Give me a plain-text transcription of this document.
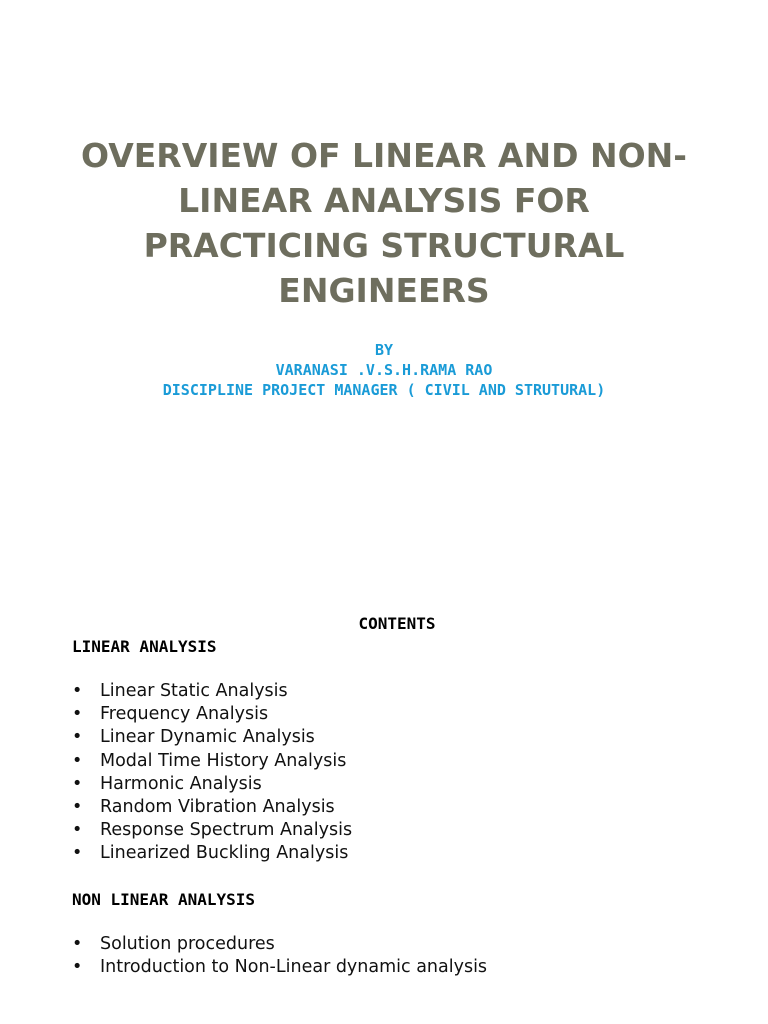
OVERVIEW OF LINEAR AND NON-
LINEAR ANALYSIS FOR
PRACTICING STRUCTURAL
ENGINEERS
BY
VARANASI .V.S.H.RAMA RAO
DISCIPLINE PROJECT MANAGER ( CIVIL AND STRUTURAL)
CONTENTS
LINEAR ANALYSIS
• Linear Static Analysis
• Frequency Analysis
• Linear Dynamic Analysis
• Modal Time History Analysis
• Harmonic Analysis
• Random Vibration Analysis
• Response Spectrum Analysis
• Linearized Buckling Analysis
NON LINEAR ANALYSIS
• Solution procedures
• Introduction to Non-Linear dynamic analysis
